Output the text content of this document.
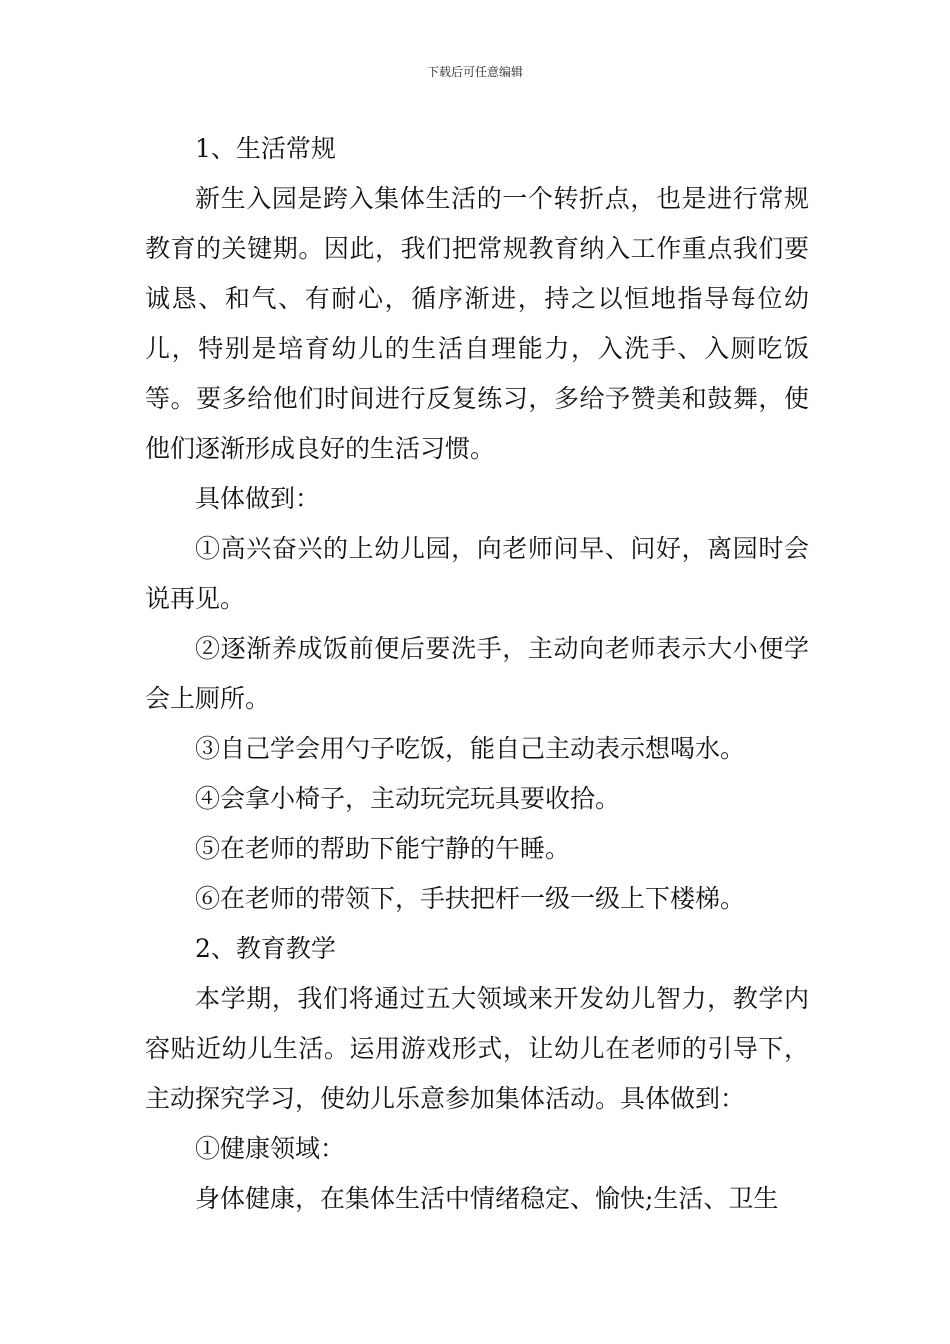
下载后可任意编辑

1、生活常规

新生入园是跨入集体生活的一个转折点，也是进行常规教育的关键期。因此，我们把常规教育纳入工作重点我们要诚恳、和气、有耐心，循序渐进，持之以恒地指导每位幼儿，特别是培育幼儿的生活自理能力，入洗手、入厕吃饭等。要多给他们时间进行反复练习，多给予赞美和鼓舞，使他们逐渐形成良好的生活习惯。

具体做到：

①高兴奋兴的上幼儿园，向老师问早、问好，离园时会说再见。

②逐渐养成饭前便后要洗手，主动向老师表示大小便学会上厕所。

③自己学会用勺子吃饭，能自己主动表示想喝水。

④会拿小椅子，主动玩完玩具要收拾。

⑤在老师的帮助下能宁静的午睡。

⑥在老师的带领下，手扶把杆一级一级上下楼梯。

2、教育教学

本学期，我们将通过五大领域来开发幼儿智力，教学内容贴近幼儿生活。运用游戏形式，让幼儿在老师的引导下，主动探究学习，使幼儿乐意参加集体活动。具体做到：

①健康领域：

身体健康，在集体生活中情绪稳定、愉快;生活、卫生
